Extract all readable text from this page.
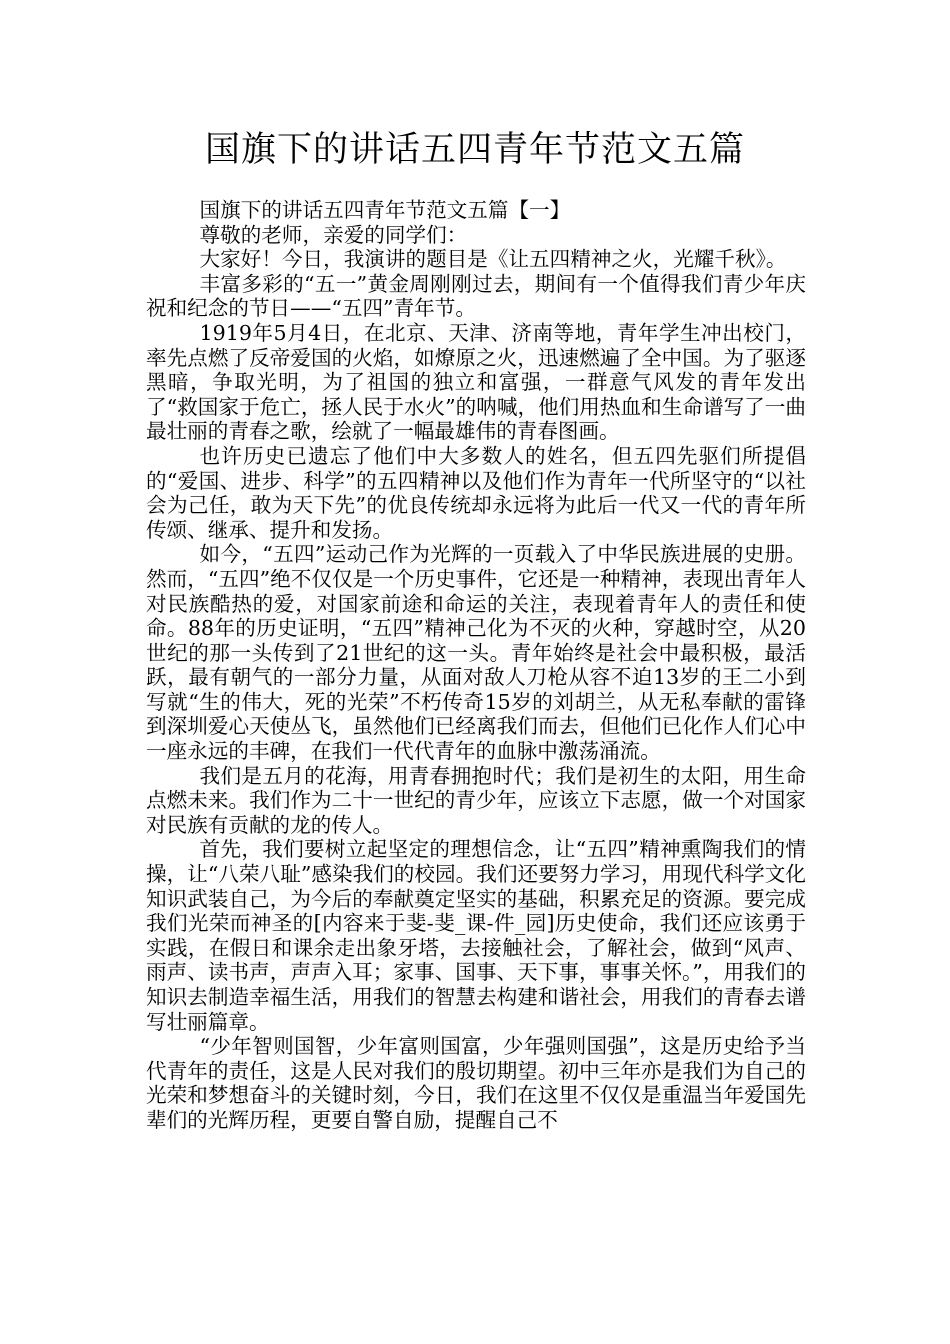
国旗下的讲话五四青年节范文五篇

国旗下的讲话五四青年节范文五篇【一】

尊敬的老师，亲爱的同学们：

大家好！今日，我演讲的题目是《让五四精神之火，光耀千秋》。

丰富多彩的“五一”黄金周刚刚过去，期间有一个值得我们青少年庆祝和纪念的节日——“五四”青年节。

1919年5月4日，在北京、天津、济南等地，青年学生冲出校门，率先点燃了反帝爱国的火焰，如燎原之火，迅速燃遍了全中国。为了驱逐黑暗，争取光明，为了祖国的独立和富强，一群意气风发的青年发出了“救国家于危亡，拯人民于水火”的呐喊，他们用热血和生命谱写了一曲最壮丽的青春之歌，绘就了一幅最雄伟的青春图画。

也许历史已遗忘了他们中大多数人的姓名，但五四先驱们所提倡的“爱国、进步、科学”的五四精神以及他们作为青年一代所坚守的“以社会为己任，敢为天下先”的优良传统却永远将为此后一代又一代的青年所传颂、继承、提升和发扬。

如今，“五四”运动己作为光辉的一页载入了中华民族进展的史册。然而，“五四”绝不仅仅是一个历史事件，它还是一种精神，表现出青年人对民族酷热的爱，对国家前途和命运的关注，表现着青年人的责任和使命。88年的历史证明，“五四”精神己化为不灭的火种，穿越时空，从20世纪的那一头传到了21世纪的这一头。青年始终是社会中最积极，最活跃，最有朝气的一部分力量，从面对敌人刀枪从容不迫13岁的王二小到写就“生的伟大，死的光荣”不朽传奇15岁的刘胡兰，从无私奉献的雷锋到深圳爱心天使丛飞，虽然他们已经离我们而去，但他们已化作人们心中一座永远的丰碑，在我们一代代青年的血脉中激荡涌流。

我们是五月的花海，用青春拥抱时代；我们是初生的太阳，用生命点燃未来。我们作为二十一世纪的青少年，应该立下志愿，做一个对国家对民族有贡献的龙的传人。

首先，我们要树立起坚定的理想信念，让“五四”精神熏陶我们的情操，让“八荣八耻”感染我们的校园。我们还要努力学习，用现代科学文化知识武装自己，为今后的奉献奠定坚实的基础，积累充足的资源。要完成我们光荣而神圣的[内容来于斐-斐_课-件_园]历史使命，我们还应该勇于实践，在假日和课余走出象牙塔，去接触社会，了解社会，做到“风声、雨声、读书声，声声入耳；家事、国事、天下事，事事关怀。”，用我们的知识去制造幸福生活，用我们的智慧去构建和谐社会，用我们的青春去谱写壮丽篇章。

“少年智则国智，少年富则国富，少年强则国强”，这是历史给予当代青年的责任，这是人民对我们的殷切期望。初中三年亦是我们为自己的光荣和梦想奋斗的关键时刻，今日，我们在这里不仅仅是重温当年爱国先辈们的光辉历程，更要自警自励，提醒自己不
